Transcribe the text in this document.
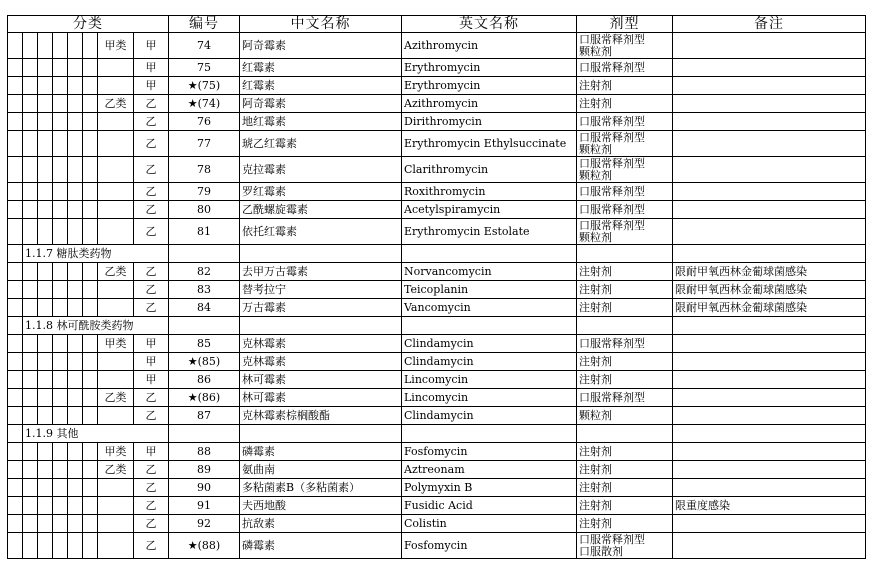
分类								编号	中文名称	英文名称	剂型	备注
						甲类	甲	74	阿奇霉素	Azithromycin	口服常释剂型
颗粒剂	

							甲	75	红霉素	Erythromycin	口服常释剂型	

							甲	★(75)	红霉素	Erythromycin	注射剂	

						乙类	乙	★(74)	阿奇霉素	Azithromycin	注射剂	

							乙	76	地红霉素	Dirithromycin	口服常释剂型	

							乙	77	琥乙红霉素	Erythromycin Ethylsuccinate	口服常释剂型
颗粒剂	

							乙	78	克拉霉素	Clarithromycin	口服常释剂型
颗粒剂	

							乙	79	罗红霉素	Roxithromycin	口服常释剂型	

							乙	80	乙酰螺旋霉素	Acetylspiramycin	口服常释剂型	

							乙	81	依托红霉素	Erythromycin Estolate	口服常释剂型
颗粒剂	

	1.1.7 糖肽类药物											
						乙类	乙	82	去甲万古霉素	Norvancomycin	注射剂	限耐甲氧西林金葡球菌感染
							乙	83	替考拉宁	Teicoplanin	注射剂	限耐甲氧西林金葡球菌感染
							乙	84	万古霉素	Vancomycin	注射剂	限耐甲氧西林金葡球菌感染
	1.1.8 林可酰胺类药物											
						甲类	甲	85	克林霉素	Clindamycin	口服常释剂型	

							甲	★(85)	克林霉素	Clindamycin	注射剂	

							甲	86	林可霉素	Lincomycin	注射剂	

						乙类	乙	★(86)	林可霉素	Lincomycin	口服常释剂型	

							乙	87	克林霉素棕榈酸酯	Clindamycin	颗粒剂	

	1.1.9 其他											
						甲类	甲	88	磷霉素	Fosfomycin	注射剂	

						乙类	乙	89	氨曲南	Aztreonam	注射剂	

							乙	90	多粘菌素B（多粘菌素）	Polymyxin B	注射剂	

							乙	91	夫西地酸	Fusidic Acid	注射剂	限重度感染
							乙	92	抗敌素	Colistin	注射剂	

							乙	★(88)	磷霉素	Fosfomycin	口服常释剂型
口服散剂	
